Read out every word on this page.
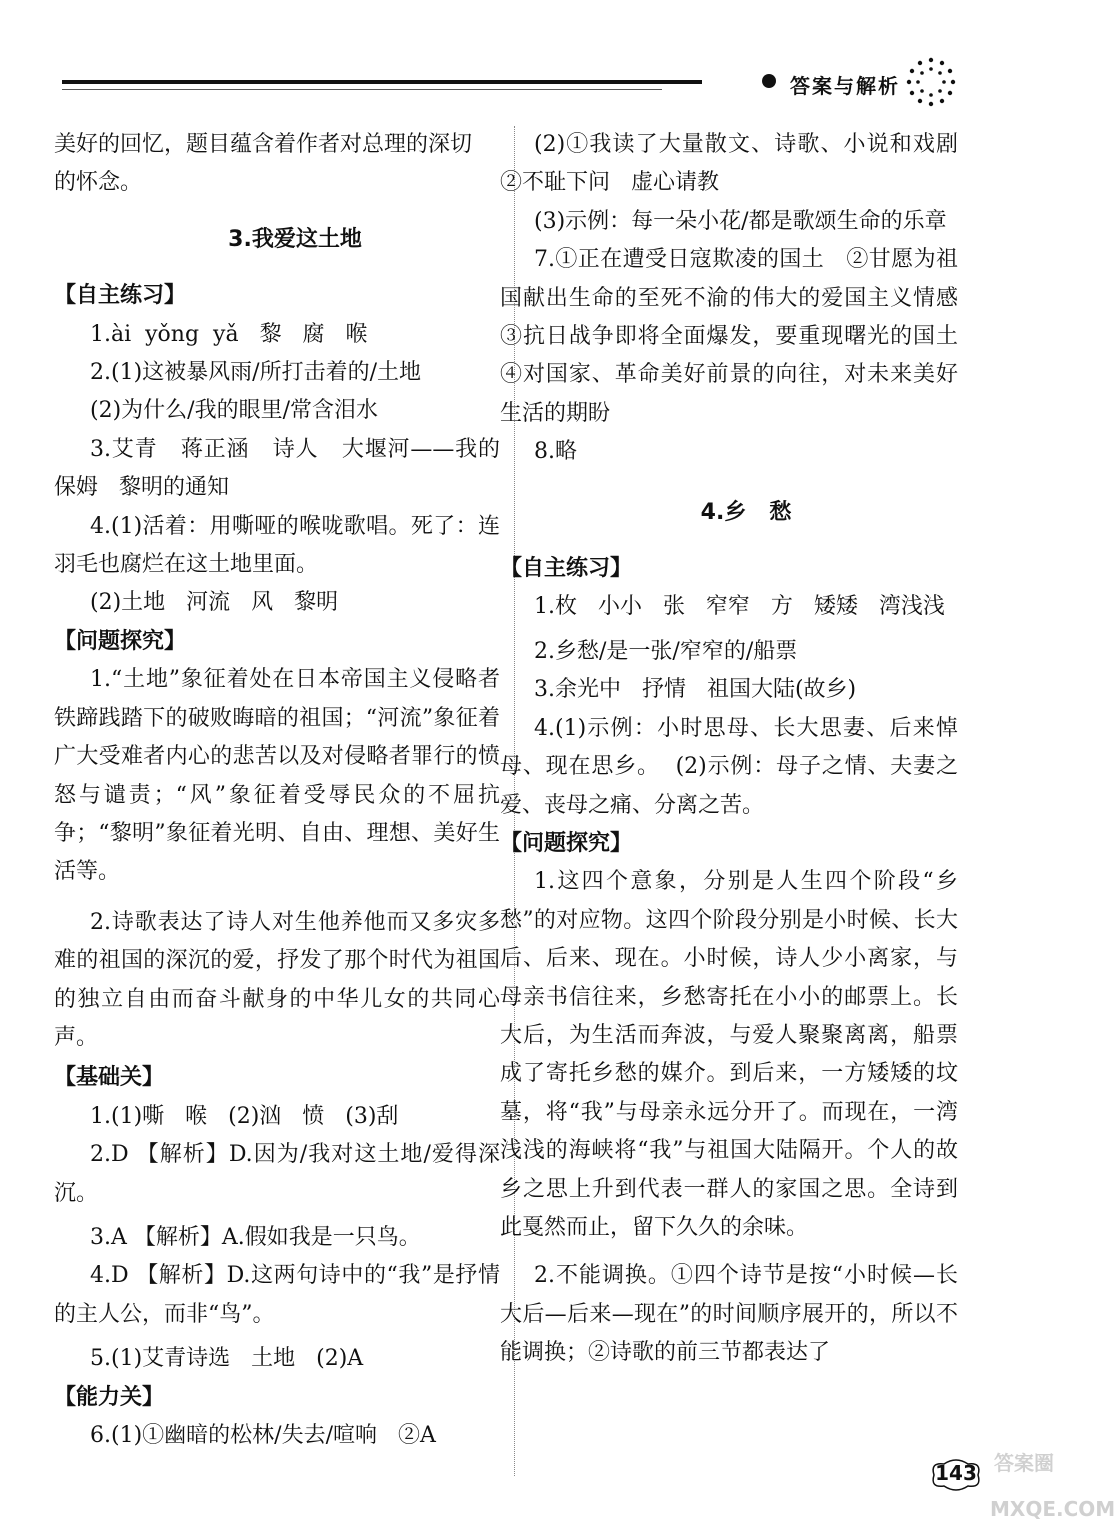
答案与解析

美好的回忆，题目蕴含着作者对总理的深切

的怀念。

3.我爱这土地
【自主练习】

1.ài  yǒng  yǎ   黎   腐   喉

2.(1)这被暴风雨/所打击着的/土地

(2)为什么/我的眼里/常含泪水

3.艾青   蒋正涵   诗人   大堰河——我的保姆   黎明的通知

4.(1)活着：用嘶哑的喉咙歌唱。死了：连羽毛也腐烂在这土地里面。

(2)土地   河流   风   黎明

【问题探究】

1.“土地”象征着处在日本帝国主义侵略者铁蹄践踏下的破败晦暗的祖国；“河流”象征着广大受难者内心的悲苦以及对侵略者罪行的愤怒与谴责；“风”象征着受辱民众的不屈抗争；“黎明”象征着光明、自由、理想、美好生活等。

2.诗歌表达了诗人对生他养他而又多灾多难的祖国的深沉的爱，抒发了那个时代为祖国的独立自由而奋斗献身的中华儿女的共同心声。

【基础关】

1.(1)嘶   喉   (2)汹   愤   (3)刮

2.D 【解析】D.因为/我对这土地/爱得深沉。

3.A 【解析】A.假如我是一只鸟。

4.D 【解析】D.这两句诗中的“我”是抒情的主人公，而非“鸟”。

5.(1)艾青诗选   土地   (2)A

【能力关】

6.(1)①幽暗的松林/失去/喧响   ②A

(2)①我读了大量散文、诗歌、小说和戏剧   ②不耻下问   虚心请教

(3)示例：每一朵小花/都是歌颂生命的乐章

7.①正在遭受日寇欺凌的国土   ②甘愿为祖国献出生命的至死不渝的伟大的爱国主义情感   ③抗日战争即将全面爆发，要重现曙光的国土   ④对国家、革命美好前景的向往，对未来美好生活的期盼

8.略

4.乡   愁
【自主练习】

1.枚   小小   张   窄窄   方   矮矮   湾浅浅

2.乡愁/是一张/窄窄的/船票

3.余光中   抒情   祖国大陆(故乡)

4.(1)示例：小时思母、长大思妻、后来悼母、现在思乡。  (2)示例：母子之情、夫妻之爱、丧母之痛、分离之苦。

【问题探究】

1.这四个意象，分别是人生四个阶段“乡愁”的对应物。这四个阶段分别是小时候、长大后、后来、现在。小时候，诗人少小离家，与母亲书信往来，乡愁寄托在小小的邮票上。长大后，为生活而奔波，与爱人聚聚离离，船票成了寄托乡愁的媒介。到后来，一方矮矮的坟墓，将“我”与母亲永远分开了。而现在，一湾浅浅的海峡将“我”与祖国大陆隔开。个人的故乡之思上升到代表一群人的家国之思。全诗到此戛然而止，留下久久的余味。

2.不能调换。①四个诗节是按“小时候—长大后—后来—现在”的时间顺序展开的，所以不能调换；②诗歌的前三节都表达了

143 答案圈
MXQE.COM
